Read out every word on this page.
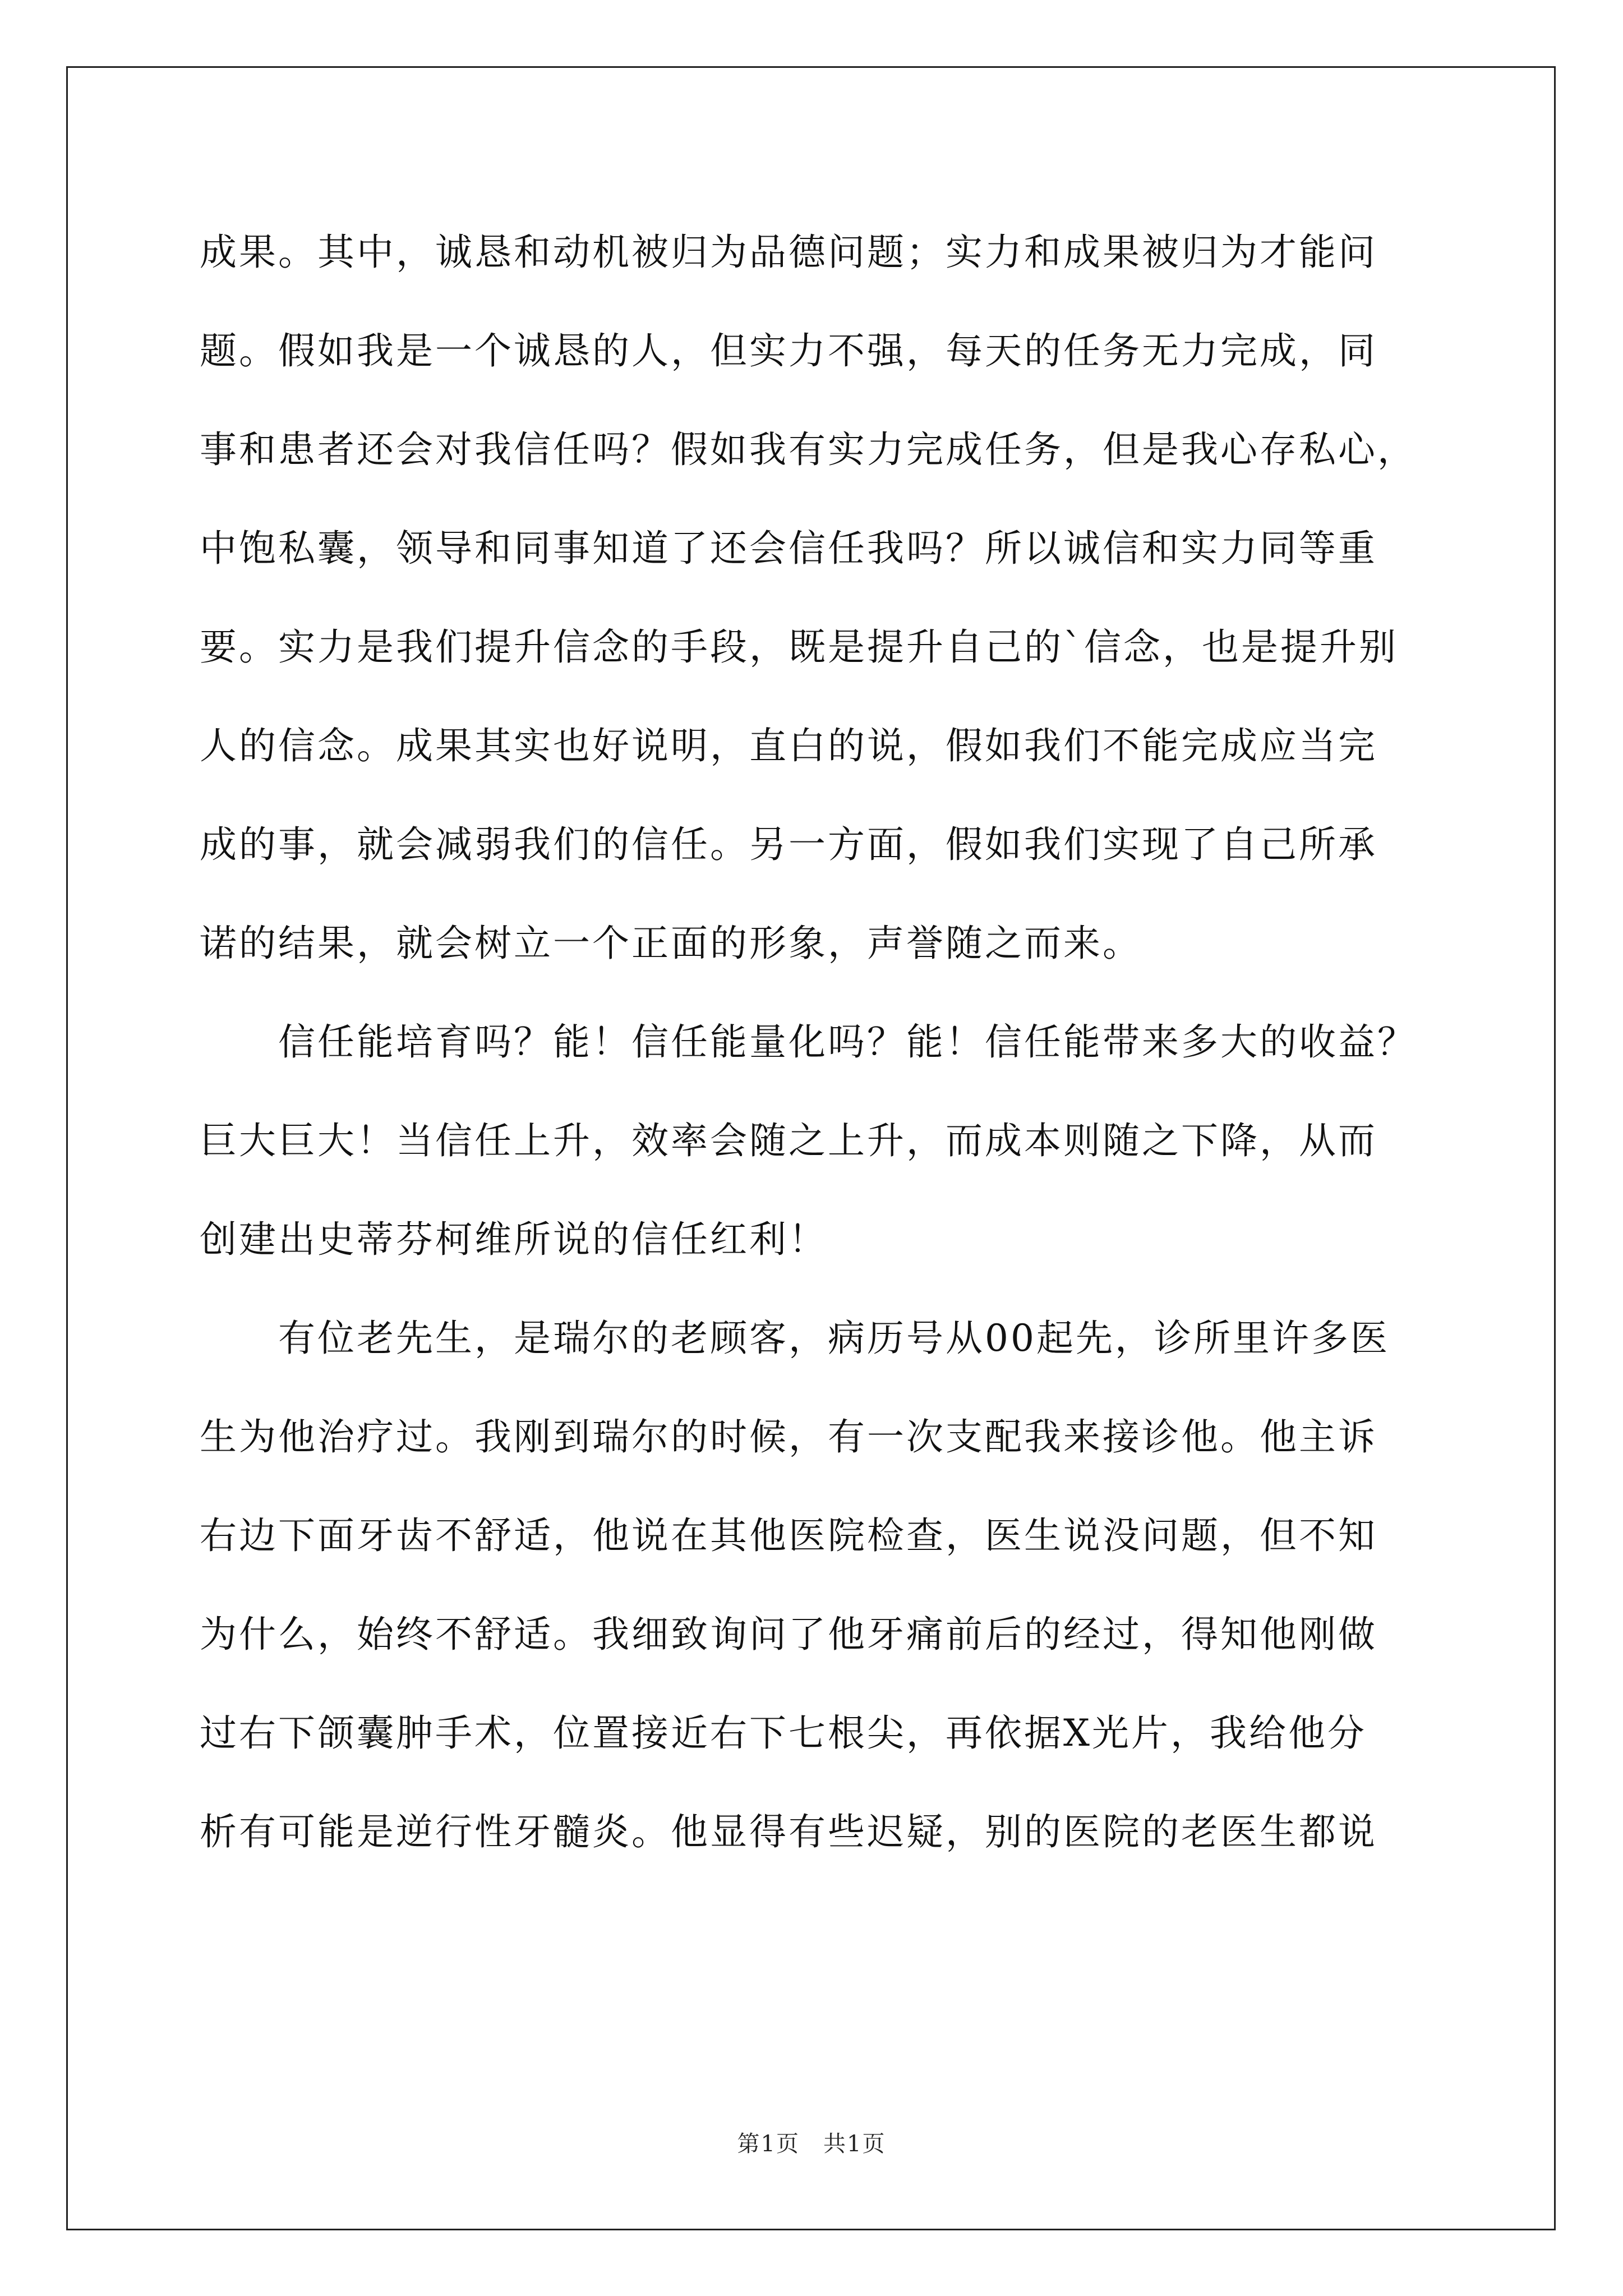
成果。其中，诚恳和动机被归为品德问题；实力和成果被归为才能问
题。假如我是一个诚恳的人，但实力不强，每天的任务无力完成，同
事和患者还会对我信任吗？假如我有实力完成任务，但是我心存私心，
中饱私囊，领导和同事知道了还会信任我吗？所以诚信和实力同等重
要。实力是我们提升信念的手段，既是提升自己的`信念，也是提升别
人的信念。成果其实也好说明，直白的说，假如我们不能完成应当完
成的事，就会减弱我们的信任。另一方面，假如我们实现了自己所承
诺的结果，就会树立一个正面的形象，声誉随之而来。
信任能培育吗？能！信任能量化吗？能！信任能带来多大的收益？
巨大巨大！当信任上升，效率会随之上升，而成本则随之下降，从而
创建出史蒂芬柯维所说的信任红利！
有位老先生，是瑞尔的老顾客，病历号从00起先，诊所里许多医
生为他治疗过。我刚到瑞尔的时候，有一次支配我来接诊他。他主诉
右边下面牙齿不舒适，他说在其他医院检查，医生说没问题，但不知
为什么，始终不舒适。我细致询问了他牙痛前后的经过，得知他刚做
过右下颌囊肿手术，位置接近右下七根尖，再依据X光片，我给他分
析有可能是逆行性牙髓炎。他显得有些迟疑，别的医院的老医生都说
第1页　共1页
